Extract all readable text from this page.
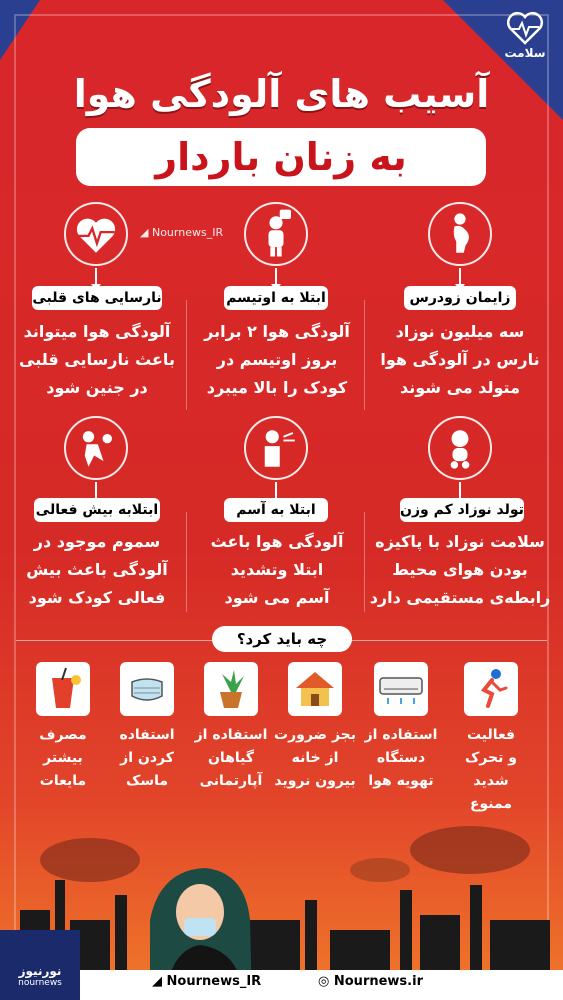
سلامت
آسیب های آلودگی هوا
به زنان باردار
◢ Nournews_IR
زایمان زودرس
سه میلیون نوزاد
نارس در آلودگی هوا
متولد می شوند
ابتلا به اوتیسم
آلودگی هوا ۲ برابر
بروز اوتیسم در
کودک را بالا میبرد
نارسایی های قلبی
آلودگی هوا میتواند
باعث نارسایی قلبی
در جنین شود
تولد نوزاد کم وزن
سلامت نوزاد با پاکیزه
بودن هوای محیط
رابطه‌ی مستقیمی دارد
ابتلا به آسم
آلودگی هوا باعث
ابتلا وتشدید
آسم می شود
ابتلابه بیش فعالی
سموم موجود در
آلودگی باعث بیش
فعالی کودک شود
چه باید کرد؟
فعالیت
و تحرک شدید
ممنوع
استفاده از
دستگاه
تهویه هوا
بجز ضرورت
از خانه
بیرون نروید
استفاده از
گیاهان
آپارتمانی
استفاده
کردن از
ماسک
مصرف
بیشتر
مایعات
نورنیوز
nournews	◢ Nournews_IR	◎ Nournews.ir
